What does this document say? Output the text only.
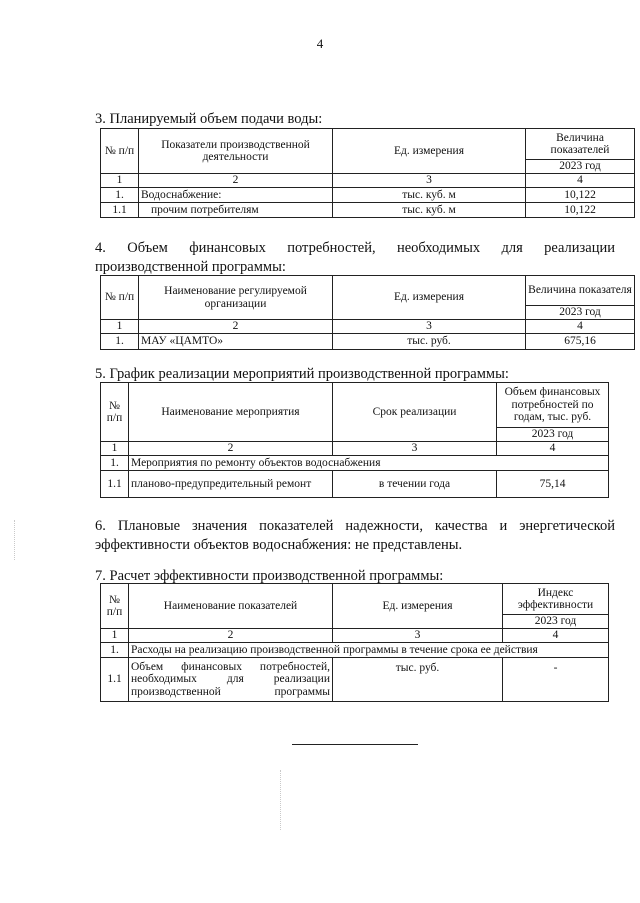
4
3. Планируемый объем подачи воды:
№ п/п	Показатели производственной деятельности	Ед. измерения	Величина показателей
			2023 год
1	2	3	4
1.	Водоснабжение:	тыс. куб. м	10,122
1.1	прочим потребителям	тыс. куб. м	10,122
4. Объем финансовых потребностей, необходимых для реализации производственной программы:
№ п/п	Наименование регулируемой организации	Ед. измерения	Величина показателя
			2023 год
1	2	3	4
1.	МАУ «ЦАМТО»	тыс. руб.	675,16
5. График реализации мероприятий производственной программы:
№ п/п	Наименование мероприятия	Срок реализации	Объем финансовых потребностей по годам, тыс. руб.
			2023 год
1	2	3	4
1.	Мероприятия по ремонту объектов водоснабжения		
1.1	планово-предупредительный ремонт	в течении года	75,14
6. Плановые значения показателей надежности, качества и энергетической эффективности объектов водоснабжения: не представлены.
7. Расчет эффективности производственной программы:
№ п/п	Наименование показателей	Ед. измерения	Индекс эффективности
			2023 год
1	2	3	4
1.	Расходы на реализацию производственной программы в течение срока ее действия		
1.1	Объем финансовых потребностей, необходимых для реализации производственной программы	тыс. руб.	-
